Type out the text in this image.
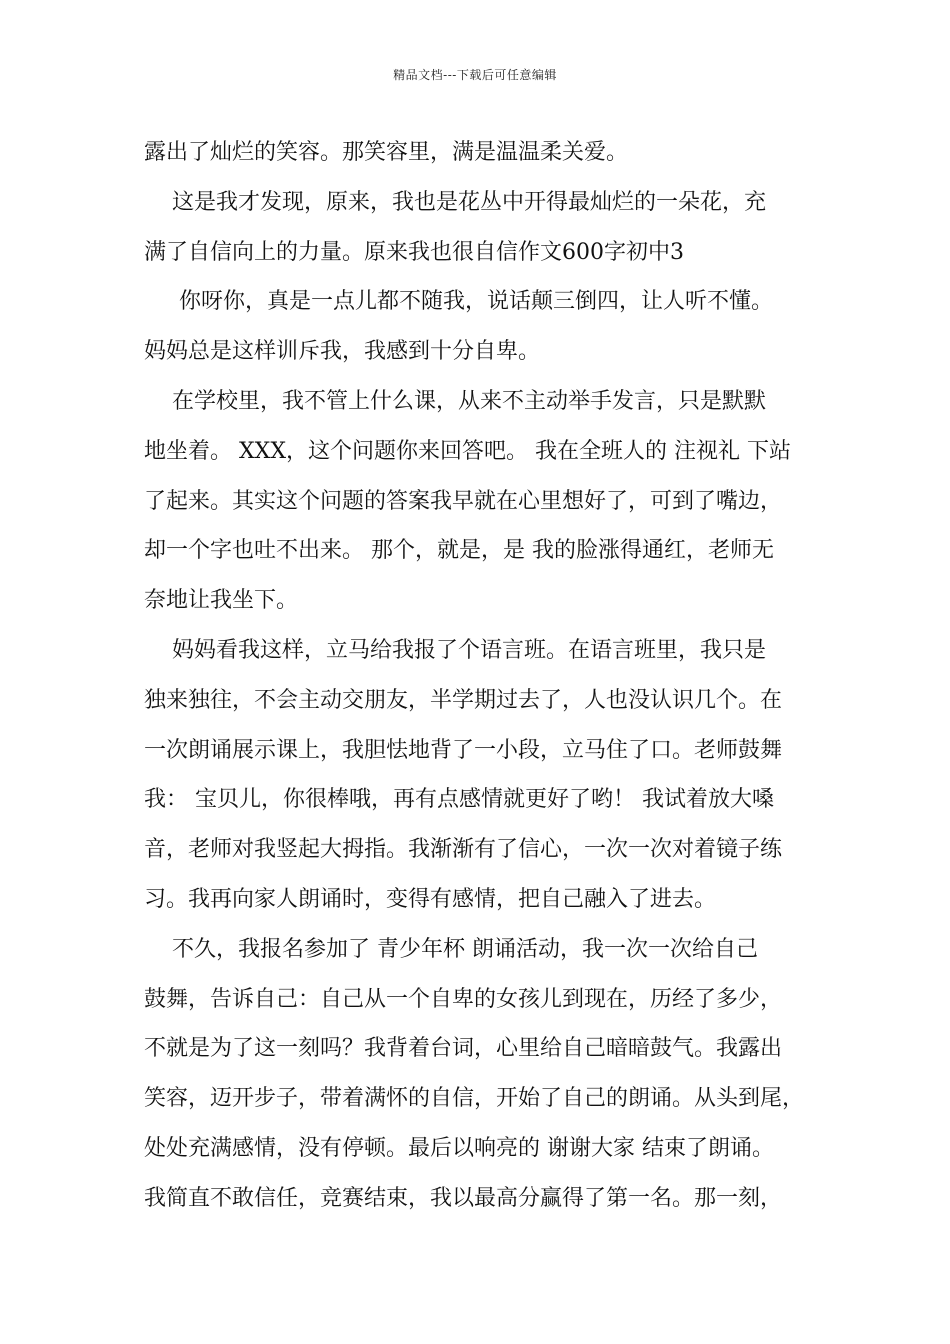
精品文档---下载后可任意编辑
露出了灿烂的笑容。那笑容里，满是温温柔关爱。
这是我才发现，原来，我也是花丛中开得最灿烂的一朵花，充
满了自信向上的力量。原来我也很自信作文600字初中3
你呀你，真是一点儿都不随我，说话颠三倒四，让人听不懂。
妈妈总是这样训斥我，我感到十分自卑。
在学校里，我不管上什么课，从来不主动举手发言，只是默默
地坐着。 XXX，这个问题你来回答吧。 我在全班人的 注视礼 下站
了起来。其实这个问题的答案我早就在心里想好了，可到了嘴边，
却一个字也吐不出来。 那个，就是，是 我的脸涨得通红，老师无
奈地让我坐下。
妈妈看我这样，立马给我报了个语言班。在语言班里，我只是
独来独往，不会主动交朋友，半学期过去了，人也没认识几个。在
一次朗诵展示课上，我胆怯地背了一小段，立马住了口。老师鼓舞
我： 宝贝儿，你很棒哦，再有点感情就更好了哟！ 我试着放大嗓
音，老师对我竖起大拇指。我渐渐有了信心，一次一次对着镜子练
习。我再向家人朗诵时，变得有感情，把自己融入了进去。
不久，我报名参加了 青少年杯 朗诵活动，我一次一次给自己
鼓舞，告诉自己：自己从一个自卑的女孩儿到现在，历经了多少，
不就是为了这一刻吗？我背着台词，心里给自己暗暗鼓气。我露出
笑容，迈开步子，带着满怀的自信，开始了自己的朗诵。从头到尾，
处处充满感情，没有停顿。最后以响亮的 谢谢大家 结束了朗诵。
我简直不敢信任，竞赛结束，我以最高分赢得了第一名。那一刻，
